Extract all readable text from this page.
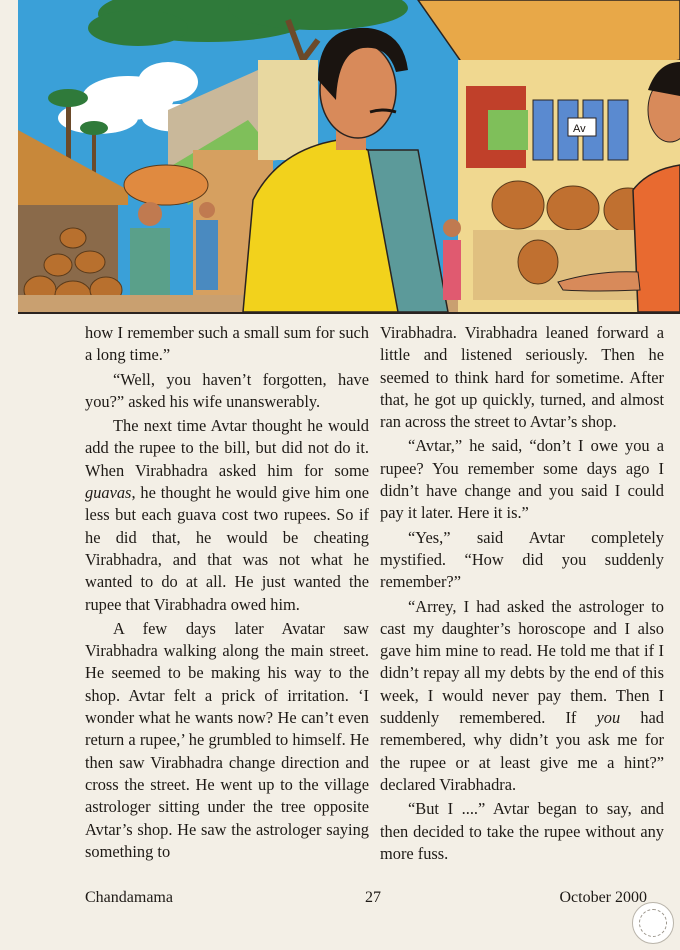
Av

how I remember such a small sum for such a long time.”

“Well, you haven’t forgotten, have you?” asked his wife unanswerably.

The next time Avtar thought he would add the rupee to the bill, but did not do it. When Virabhadra asked him for some guavas, he thought he would give him one less but each guava cost two rupees. So if he did that, he would be cheating Virabhadra, and that was not what he wanted to do at all. He just wanted the rupee that Virabhadra owed him.

A few days later Avatar saw Virabhadra walking along the main street. He seemed to be making his way to the shop. Avtar felt a prick of irritation. ‘I wonder what he wants now? He can’t even return a rupee,’ he grumbled to himself. He then saw Virabhadra change direction and cross the street. He went up to the village astrologer sitting under the tree opposite Avtar’s shop. He saw the astrologer saying something to

Virabhadra. Virabhadra leaned forward a little and listened seriously. Then he seemed to think hard for sometime. After that, he got up quickly, turned, and almost ran across the street to Avtar’s shop.

“Avtar,” he said, “don’t I owe you a rupee? You remember some days ago I didn’t have change and you said I could pay it later. Here it is.”

“Yes,” said Avtar completely mystified. “How did you suddenly remember?”

“Arrey, I had asked the astrologer to cast my daughter’s horoscope and I also gave him mine to read. He told me that if I didn’t repay all my debts by the end of this week, I would never pay them. Then I suddenly remembered. If you had remembered, why didn’t you ask me for the rupee or at least give me a hint?” declared Virabhadra.

“But I ....” Avtar began to say, and then decided to take the rupee without any more fuss.

Chandamama	27	October 2000
